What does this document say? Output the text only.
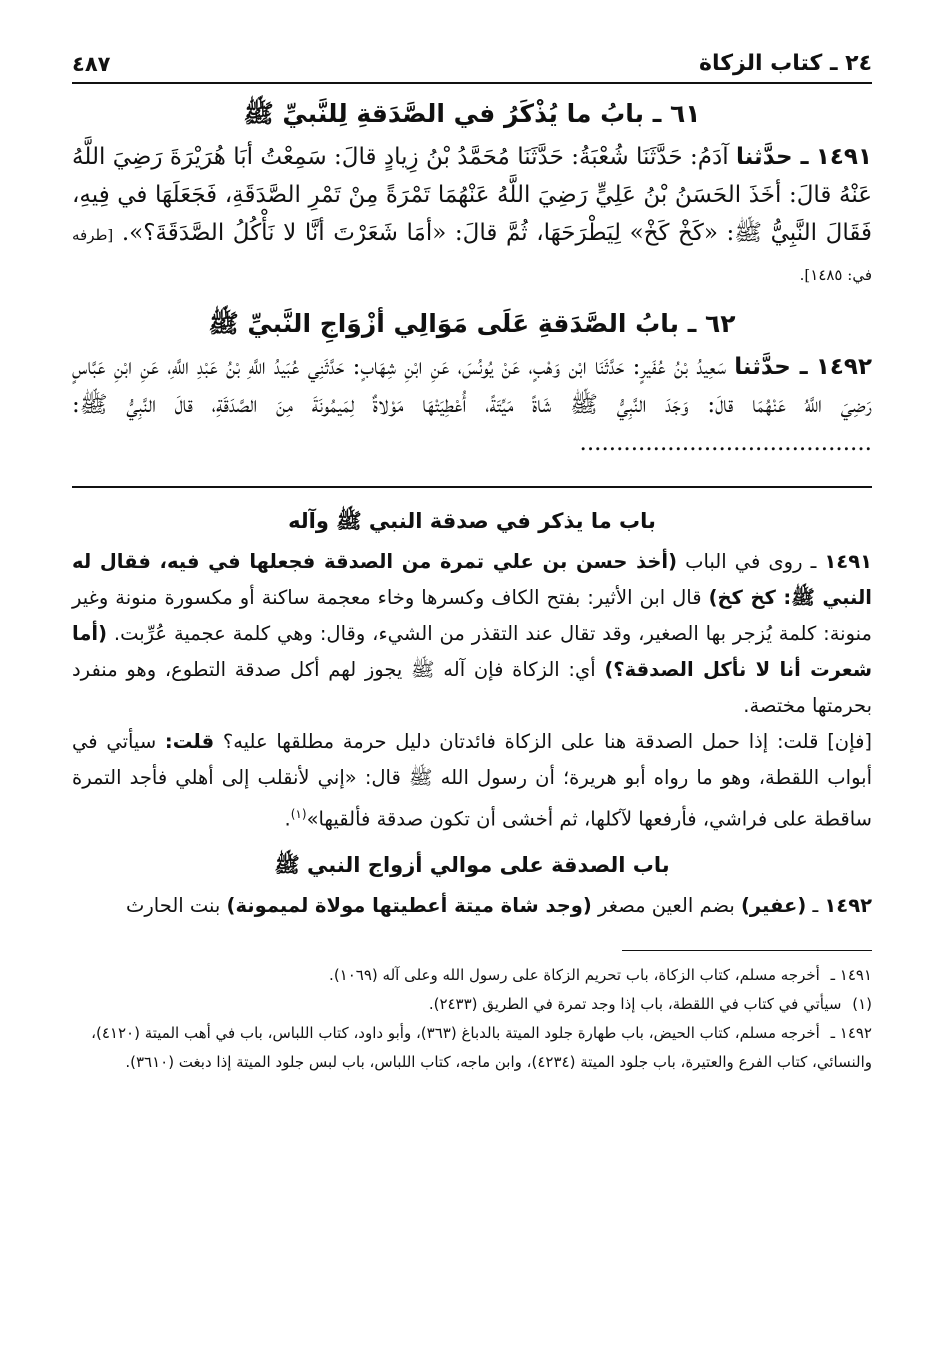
٢٤ ـ كتاب الزكاة
٤٨٧
٦١ ـ بابُ ما يُذْكَرُ في الصَّدَقةِ لِلنَّبيِّ ﷺ

١٤٩١ ـ حدَّثنا آدَمُ: حَدَّثَنَا شُعْبَةُ: حَدَّثَنَا مُحَمَّدُ بْنُ زِيادٍ قالَ: سَمِعْتُ أبَا هُرَيْرَةَ رَضِيَ اللَّهُ عَنْهُ قالَ: أخَذَ الحَسَنُ بْنُ عَلِيٍّ رَضِيَ اللَّهُ عَنْهُمَا تَمْرَةً مِنْ تَمْرِ الصَّدَقَةِ، فَجَعَلَهَا في فِيهِ، فَقَالَ النَّبِيُّ ﷺ: «كَخْ كَخْ» لِيَطْرَحَهَا، ثُمَّ قالَ: «أمَا شَعَرْتَ أنَّا لا نَأْكُلُ الصَّدَقَةَ؟». [طرفه في: ١٤٨٥].

٦٢ ـ بابُ الصَّدَقةِ عَلَى مَوَالِي أزْوَاجِ النَّبيِّ ﷺ

١٤٩٢ ـ حدَّثنا سَعِيدُ بْنُ عُفَيرٍ: حَدَّثَنَا ابْن وَهْبٍ، عَنْ يُونُسَ، عَنِ ابْنِ شِهَابٍ: حَدَّثَنِي عُبَيدُ اللَّهِ بْنُ عَبْدِ اللَّهِ، عَنِ ابْنِ عَبَّاسٍ رَضِيَ اللَّهُ عَنْهُمَا قالَ: وَجَدَ النَّبِيُّ ﷺ شَاةً مَيِّتَةً، أُعْطِيَتْهَا مَوْلاةٌ لِمَيمُونَةَ مِنَ الصَّدَقَةِ، قالَ النَّبِيُّ ﷺ: ........................................

باب ما يذكر في صدقة النبي ﷺ وآله

١٤٩١ ـ روى في الباب (أخذ حسن بن علي تمرة من الصدقة فجعلها في فيه، فقال له النبي ﷺ: كخ كخ) قال ابن الأثير: بفتح الكاف وكسرها وخاء معجمة ساكنة أو مكسورة منونة وغير منونة: كلمة يُزجر بها الصغير، وقد تقال عند التقذر من الشيء، وقال: وهي كلمة عجمية عُرِّبت. (أما شعرت أنا لا نأكل الصدقة؟) أي: الزكاة فإن آله ﷺ يجوز لهم أكل صدقة التطوع، وهو منفرد بحرمتها مختصة.

[فإن] قلت: إذا حمل الصدقة هنا على الزكاة فائدتان دليل حرمة مطلقها عليه؟ قلت: سيأتي في أبواب اللقطة، وهو ما رواه أبو هريرة؛ أن رسول الله ﷺ قال: «إني لأنقلب إلى أهلي فأجد التمرة ساقطة على فراشي، فأرفعها لآكلها، ثم أخشى أن تكون صدقة فألقيها»$^{(١)}$.

باب الصدقة على موالي أزواج النبي ﷺ

١٤٩٢ ـ (عفير) بضم العين مصغر (وجد شاة ميتة أعطيتها مولاة لميمونة) بنت الحارث

١٤٩١ ـ أخرجه مسلم، كتاب الزكاة، باب تحريم الزكاة على رسول الله وعلى آله (١٠٦٩).

(١) سيأتي في كتاب في اللقطة، باب إذا وجد تمرة في الطريق (٢٤٣٣).

١٤٩٢ ـ أخرجه مسلم، كتاب الحيض، باب طهارة جلود الميتة بالدباغ (٣٦٣)، وأبو داود، كتاب اللباس، باب في أهب الميتة (٤١٢٠)، والنسائي، كتاب الفرع والعتيرة، باب جلود الميتة (٤٢٣٤)، وابن ماجه، كتاب اللباس، باب لبس جلود الميتة إذا دبغت (٣٦١٠).
